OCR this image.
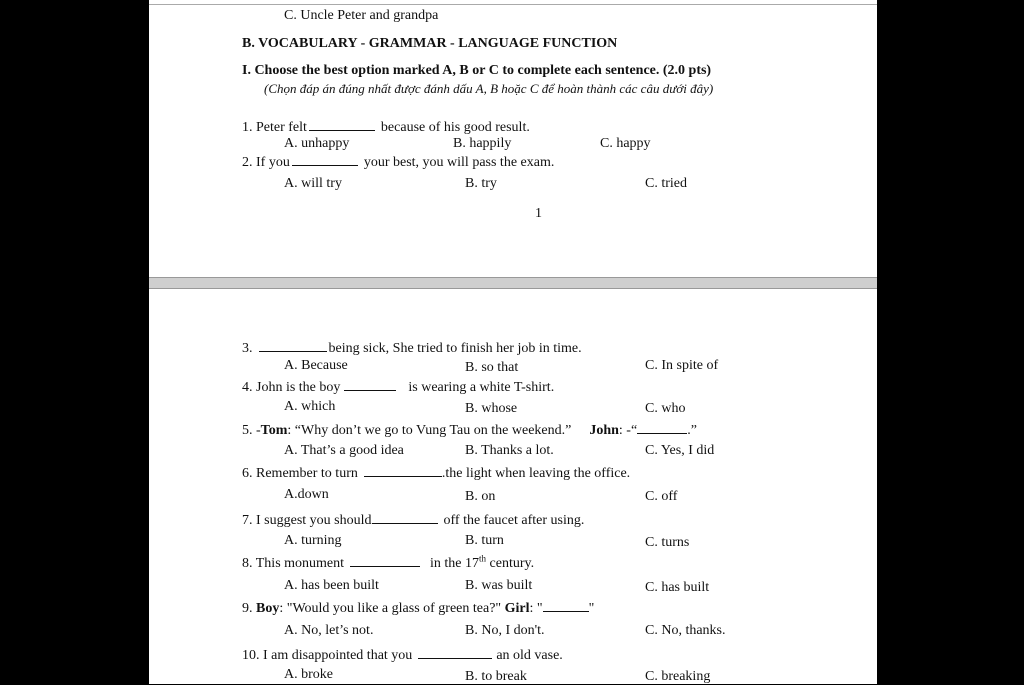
C. Uncle Peter and grandpa
B. VOCABULARY - GRAMMAR - LANGUAGE FUNCTION
I. Choose the best option marked A, B or C to complete each sentence. (2.0 pts)
(Chọn đáp án đúng nhất được đánh dấu A, B hoặc C để hoàn thành các câu dưới đây)
1. Peter felt	because of his good result.
A. unhappy	B. happily	C. happy
2. If you	your best, you will pass the exam.
A. will try	B. try	C. tried
1
3.	being sick, She tried to finish her job in time.
A. Because	B. so that	C. In spite of
4. John is the boy	is wearing a white T-shirt.
A. which	B. whose	C. who
5. -Tom: “Why don’t we go to Vung Tau on the weekend.” John: -“	.”
A. That’s a good idea	B. Thanks a lot.	C. Yes, I did
6. Remember to turn	.the light when leaving the office.
A.down	B. on	C. off
7. I suggest you should	off the faucet after using.
A. turning	B. turn	C. turns
8. This monument	in the 17th century.
A. has been built	B. was built	C. has built
9. Boy: "Would you like a glass of green tea?" Girl: "	"
A. No, let’s not.	B. No, I don't.	C. No, thanks.
10. I am disappointed that you	an old vase.
A. broke	B. to break	C. breaking
